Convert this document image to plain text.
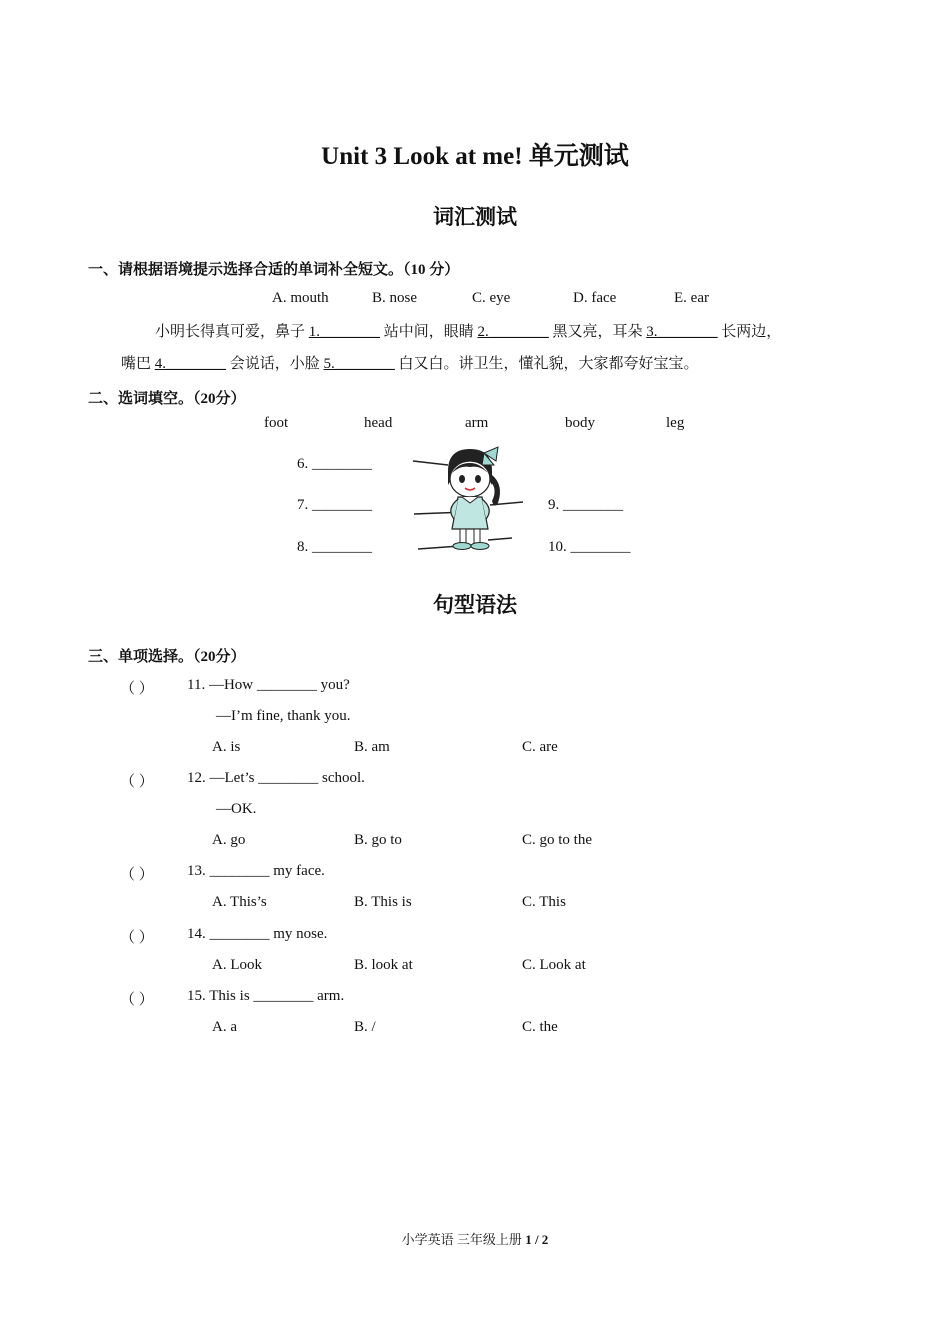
Unit 3 Look at me! 单元测试
词汇测试
一、请根据语境提示选择合适的单词补全短文。（10 分）
A. mouth	B. nose	C. eye	D. face	E. ear
小明长得真可爱，鼻子 1.________ 站中间，眼睛 2.________ 黑又亮，耳朵 3.________ 长两边，
嘴巴 4.________ 会说话，小脸 5.________ 白又白。讲卫生，懂礼貌，大家都夸好宝宝。
二、选词填空。（20分）
foot	head	arm	body	leg
6. ________
7. ________
8. ________
9. ________
10. ________
句型语法
三、单项选择。（20分）
（ ） 11. —How ________ you?
—I’m fine, thank you.
A. is	B. am	C. are
（ ） 12. —Let’s ________ school.
—OK.
A. go	B. go to	C. go to the
（ ） 13. ________ my face.
A. This’s	B. This is	C. This
（ ） 14. ________ my nose.
A. Look	B. look at	C. Look at
（ ） 15. This is ________ arm.
A. a	B. /	C. the
小学英语 三年级上册 1 / 2
